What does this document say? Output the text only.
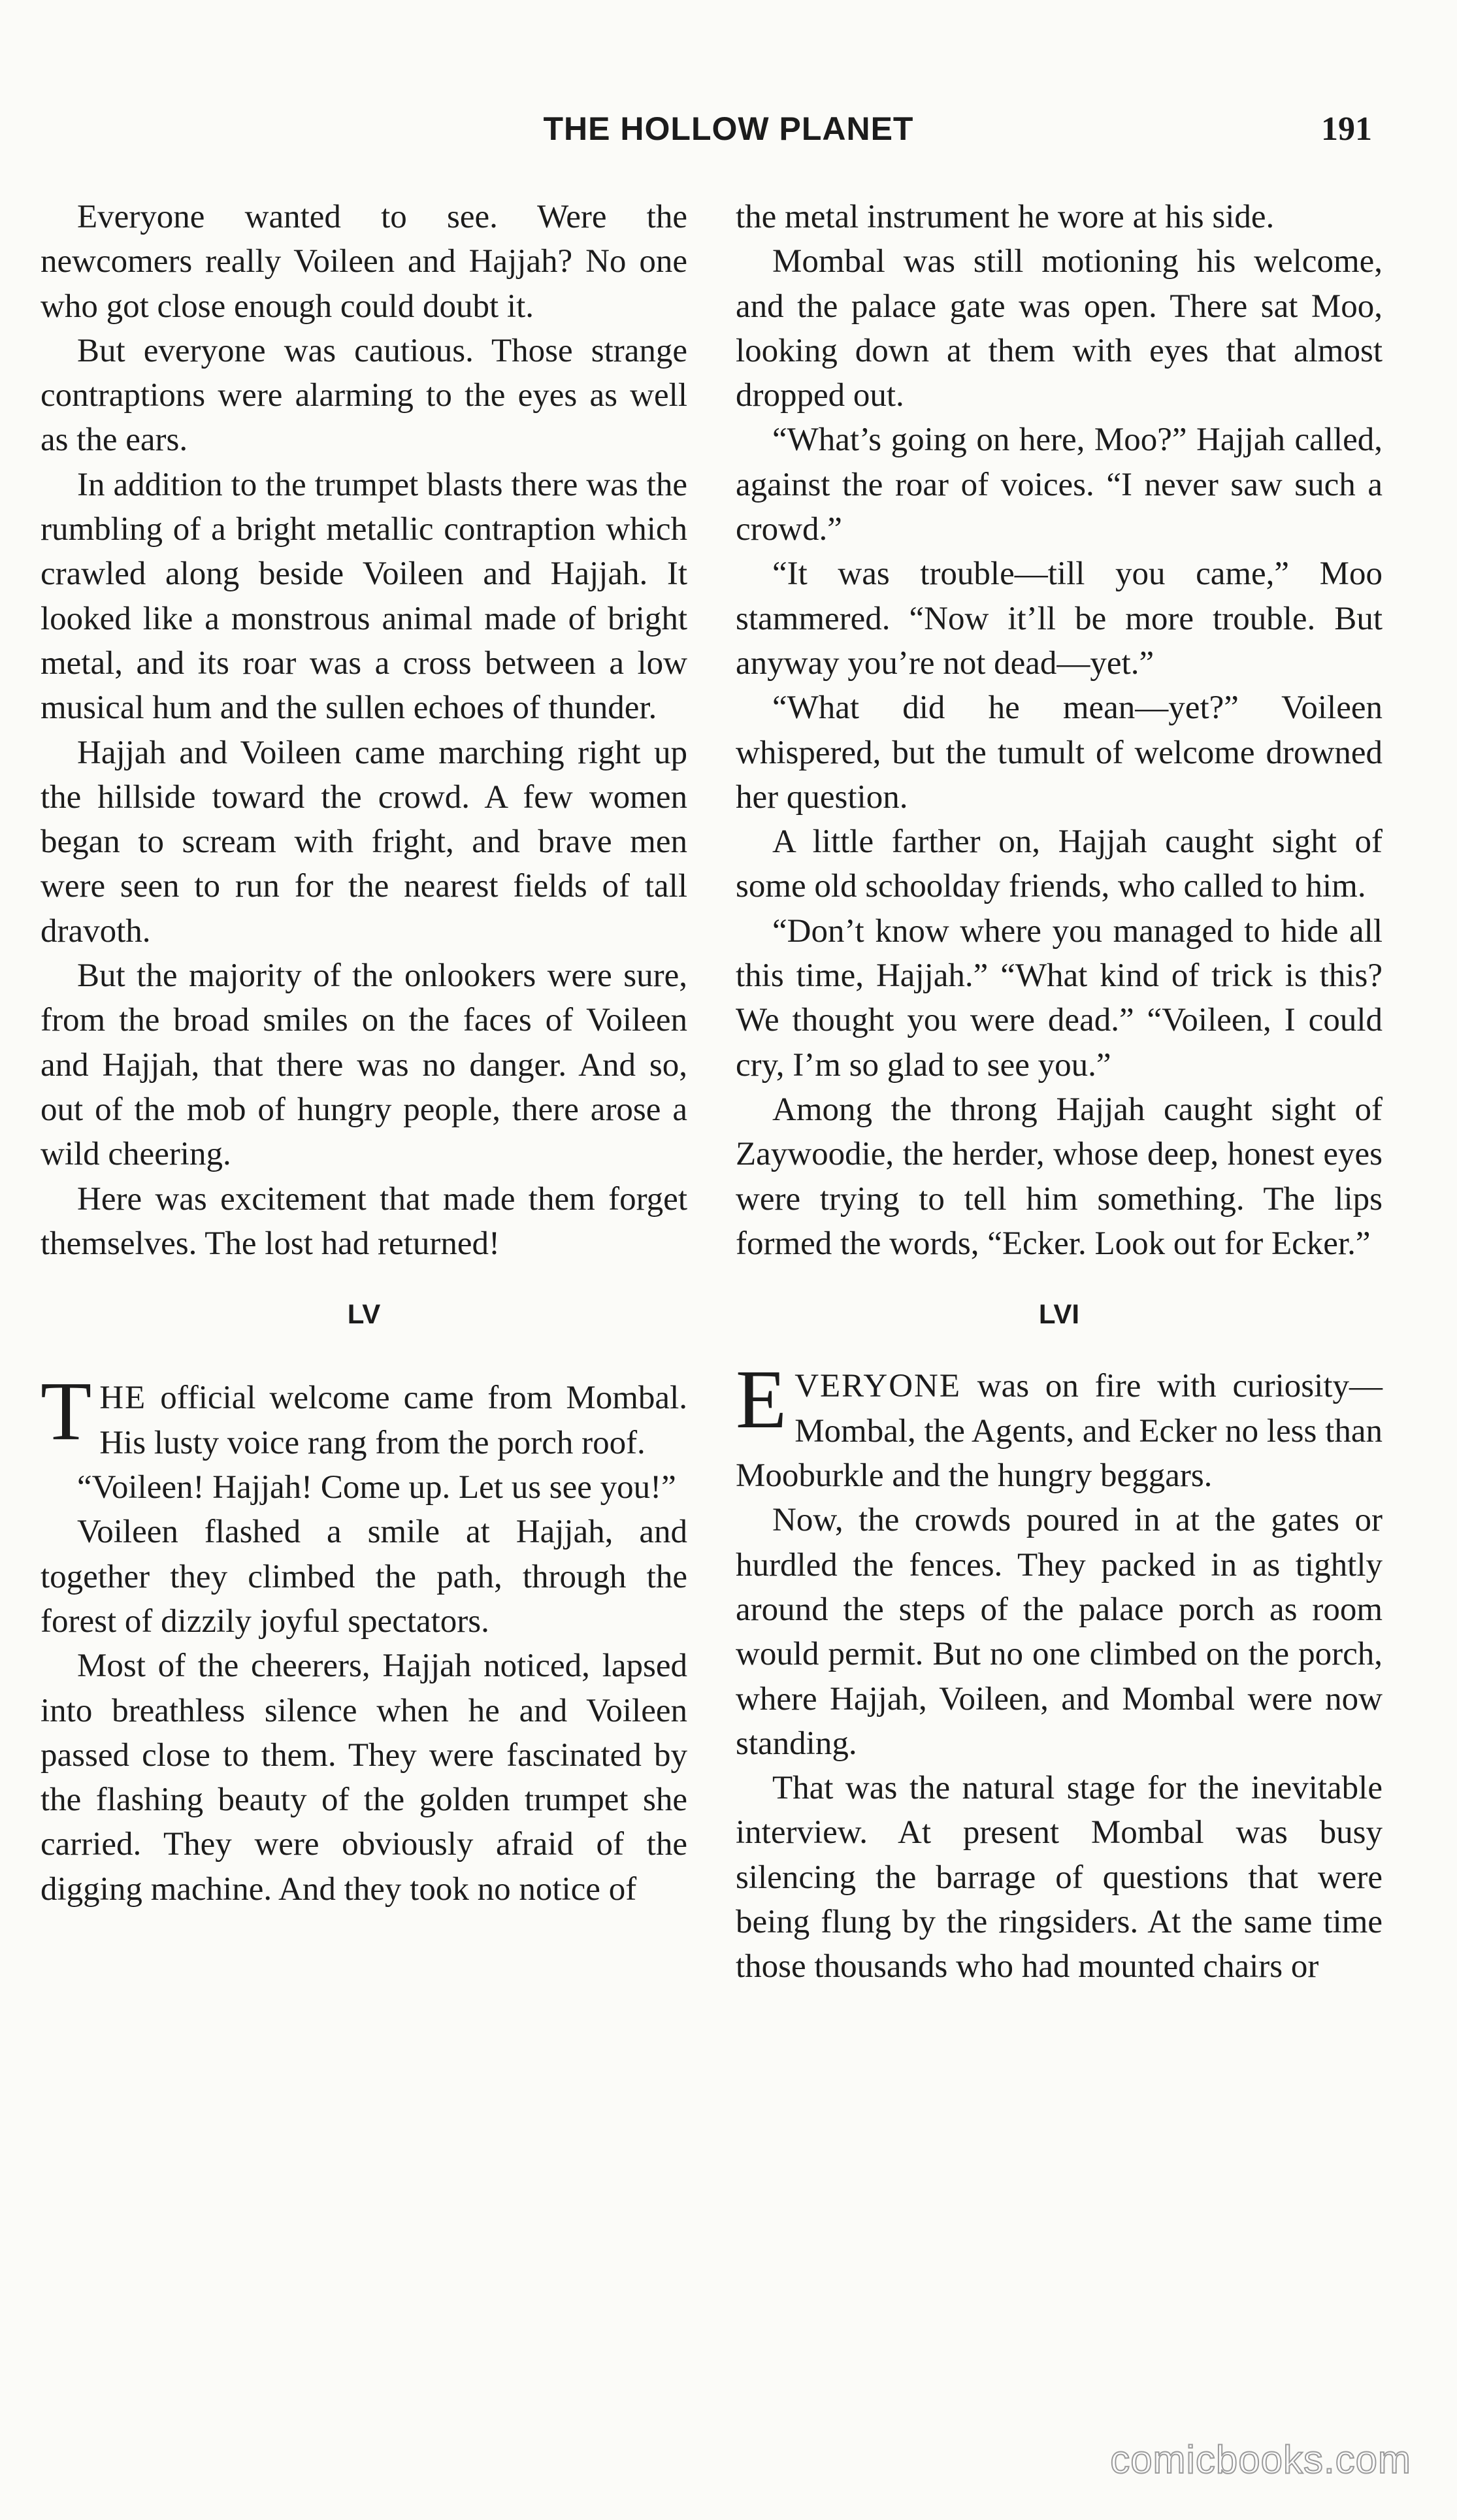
THE HOLLOW PLANET	191

Everyone wanted to see. Were the newcomers really Voileen and Hajjah? No one who got close enough could doubt it.

But everyone was cautious. Those strange contraptions were alarming to the eyes as well as the ears.

In addition to the trumpet blasts there was the rumbling of a bright metallic contraption which crawled along beside Voileen and Hajjah. It looked like a monstrous animal made of bright metal, and its roar was a cross between a low musical hum and the sullen echoes of thunder.

Hajjah and Voileen came marching right up the hillside toward the crowd. A few women began to scream with fright, and brave men were seen to run for the nearest fields of tall dravoth.

But the majority of the onlookers were sure, from the broad smiles on the faces of Voileen and Hajjah, that there was no danger. And so, out of the mob of hungry people, there arose a wild cheering.

Here was excitement that made them forget themselves. The lost had returned!

LV

THE official welcome came from Mombal. His lusty voice rang from the porch roof.

“Voileen! Hajjah! Come up. Let us see you!”

Voileen flashed a smile at Hajjah, and together they climbed the path, through the forest of dizzily joyful spectators.

Most of the cheerers, Hajjah noticed, lapsed into breathless silence when he and Voileen passed close to them. They were fascinated by the flashing beauty of the golden trumpet she carried. They were obviously afraid of the digging machine. And they took no notice of

the metal instrument he wore at his side.

Mombal was still motioning his welcome, and the palace gate was open. There sat Moo, looking down at them with eyes that almost dropped out.

“What’s going on here, Moo?” Hajjah called, against the roar of voices. “I never saw such a crowd.”

“It was trouble—till you came,” Moo stammered. “Now it’ll be more trouble. But anyway you’re not dead—yet.”

“What did he mean—yet?” Voileen whispered, but the tumult of welcome drowned her question.

A little farther on, Hajjah caught sight of some old schoolday friends, who called to him.

“Don’t know where you managed to hide all this time, Hajjah.” “What kind of trick is this? We thought you were dead.” “Voileen, I could cry, I’m so glad to see you.”

Among the throng Hajjah caught sight of Zaywoodie, the herder, whose deep, honest eyes were trying to tell him something. The lips formed the words, “Ecker. Look out for Ecker.”

LVI

EVERYONE was on fire with curiosity—Mombal, the Agents, and Ecker no less than Mooburkle and the hungry beggars.

Now, the crowds poured in at the gates or hurdled the fences. They packed in as tightly around the steps of the palace porch as room would permit. But no one climbed on the porch, where Hajjah, Voileen, and Mombal were now standing.

That was the natural stage for the inevitable interview. At present Mombal was busy silencing the barrage of questions that were being flung by the ringsiders. At the same time those thousands who had mounted chairs or

comicbooks.com
